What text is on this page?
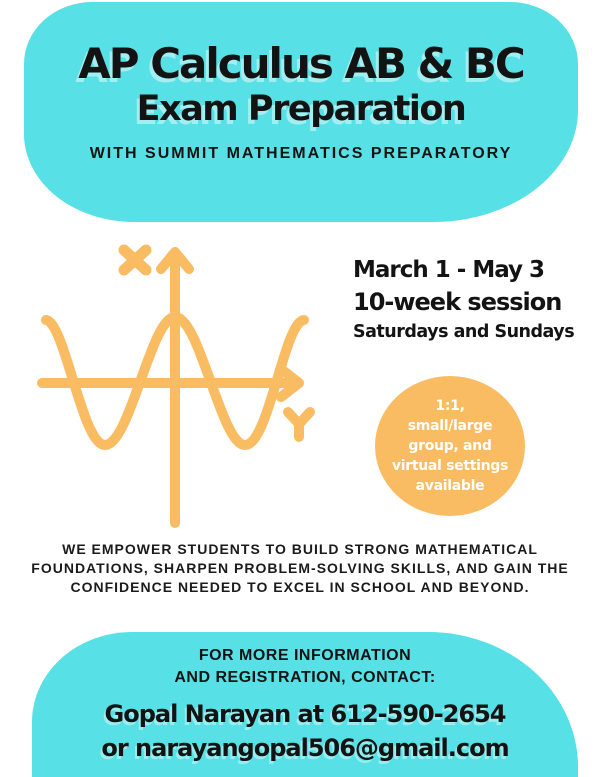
AP Calculus AB & BC
Exam Preparation
WITH SUMMIT MATHEMATICS PREPARATORY
March 1 - May 3
10-week session
Saturdays and Sundays
1:1,
small/large
group, and
virtual settings
available
WE EMPOWER STUDENTS TO BUILD STRONG MATHEMATICAL
FOUNDATIONS, SHARPEN PROBLEM-SOLVING SKILLS, AND GAIN THE
CONFIDENCE NEEDED TO EXCEL IN SCHOOL AND BEYOND.
FOR MORE INFORMATION
AND REGISTRATION, CONTACT:
Gopal Narayan at 612-590-2654
or narayangopal506@gmail.com
